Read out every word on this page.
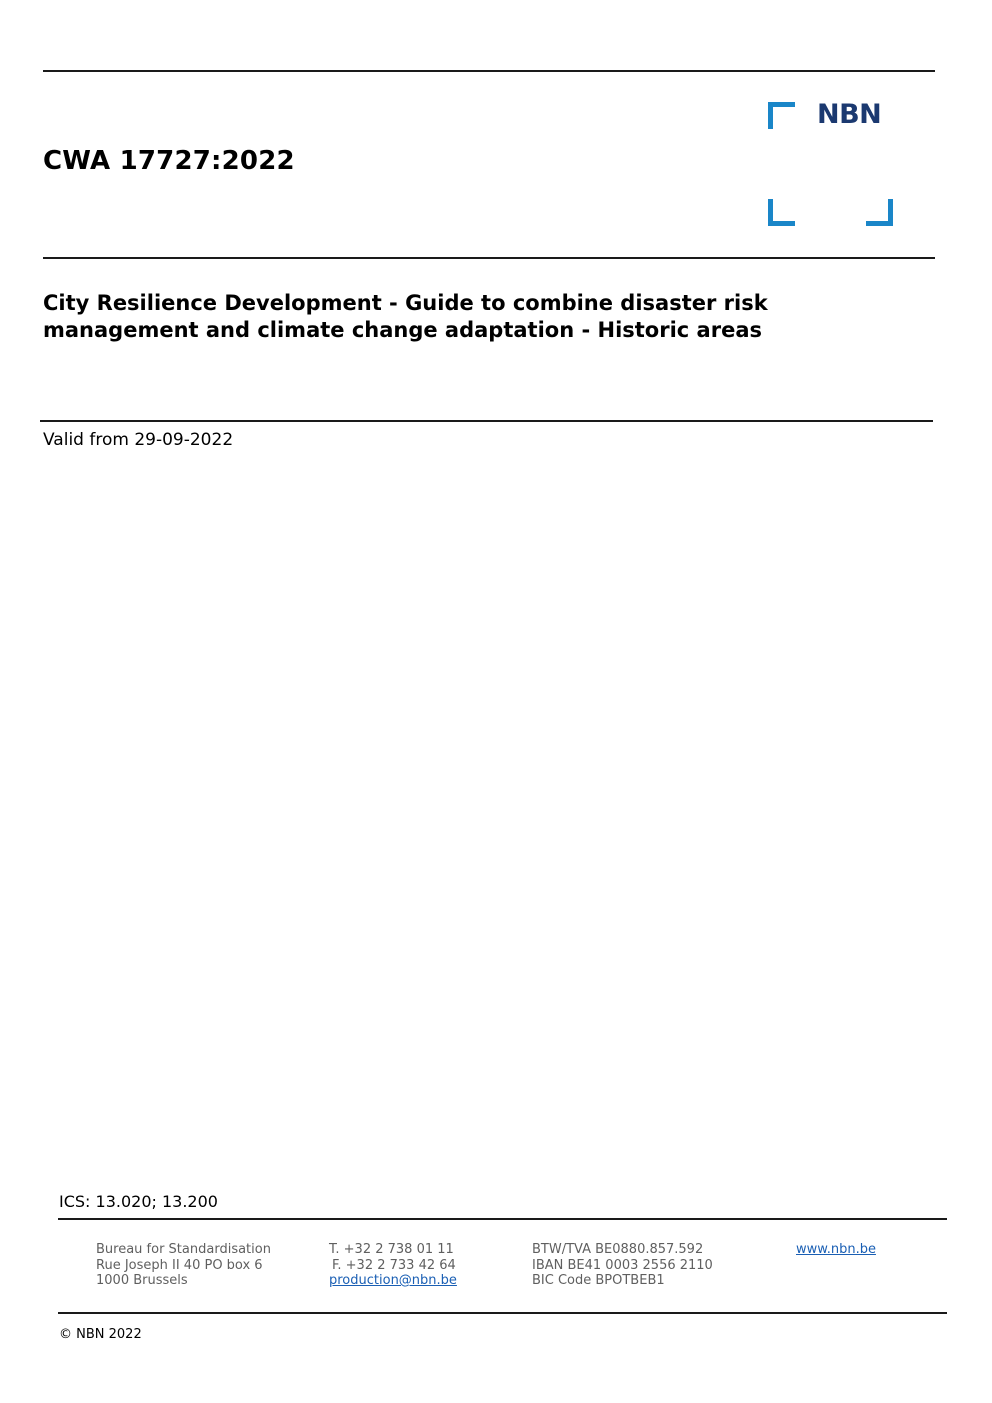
CWA 17727:2022
NBN
City Resilience Development - Guide to combine disaster risk
management and climate change adaptation - Historic areas
Valid from 29-09-2022
ICS: 13.020; 13.200
Bureau for Standardisation
Rue Joseph II 40 PO box 6
1000 Brussels
T. +32 2 738 01 11
F. +32 2 733 42 64
production@nbn.be
BTW/TVA BE0880.857.592
IBAN BE41 0003 2556 2110
BIC Code BPOTBEB1
www.nbn.be
© NBN 2022
